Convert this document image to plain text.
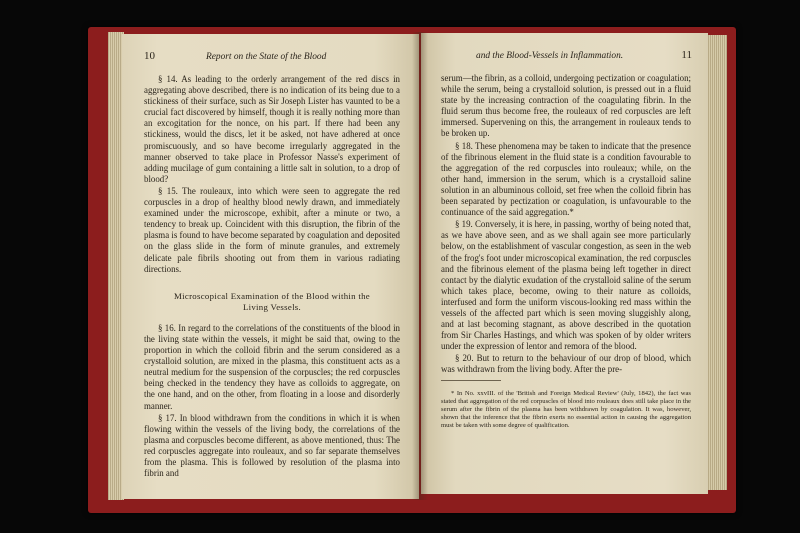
10	Report on the State of the Blood

§ 14. As leading to the orderly arrangement of the red discs in aggregating above described, there is no indication of its being due to a stickiness of their surface, such as Sir Joseph Lister has vaunted to be a crucial fact discovered by himself, though it is really nothing more than an excogitation for the nonce, on his part. If there had been any stickiness, would the discs, let it be asked, not have adhered at once promiscuously, and so have become irregularly aggregated in the manner observed to take place in Professor Nasse's experiment of adding mucilage of gum containing a little salt in solution, to a drop of blood?

§ 15. The rouleaux, into which were seen to aggregate the red corpuscles in a drop of healthy blood newly drawn, and immediately examined under the microscope, exhibit, after a minute or two, a tendency to break up. Coincident with this disruption, the fibrin of the plasma is found to have become separated by coagulation and deposited on the glass slide in the form of minute granules, and extremely delicate pale fibrils shooting out from them in various radiating directions.

Microscopical Examination of the Blood within the
Living Vessels.

§ 16. In regard to the correlations of the constituents of the blood in the living state within the vessels, it might be said that, owing to the proportion in which the colloid fibrin and the serum considered as a crystalloid solution, are mixed in the plasma, this constituent acts as a neutral medium for the suspension of the corpuscles; the red corpuscles being checked in the tendency they have as colloids to aggregate, on the one hand, and on the other, from floating in a loose and disorderly manner.

§ 17. In blood withdrawn from the conditions in which it is when flowing within the vessels of the living body, the correlations of the plasma and corpuscles become different, as above mentioned, thus: The red corpuscles aggregate into rouleaux, and so far separate themselves from the plasma. This is followed by resolution of the plasma into fibrin and

and the Blood-Vessels in Inflammation.	11

serum—the fibrin, as a colloid, undergoing pectization or coagulation; while the serum, being a crystalloid solution, is pressed out in a fluid state by the increasing contraction of the coagulating fibrin. In the fluid serum thus become free, the rouleaux of red corpuscles are left immersed. Supervening on this, the arrangement in rouleaux tends to be broken up.

§ 18. These phenomena may be taken to indicate that the presence of the fibrinous element in the fluid state is a condition favourable to the aggregation of the red corpuscles into rouleaux; while, on the other hand, immersion in the serum, which is a crystalloid saline solution in an albuminous colloid, set free when the colloid fibrin has been separated by pectization or coagulation, is unfavourable to the continuance of the said aggregation.*

§ 19. Conversely, it is here, in passing, worthy of being noted that, as we have above seen, and as we shall again see more particularly below, on the establishment of vascular congestion, as seen in the web of the frog's foot under microscopical examination, the red corpuscles and the fibrinous element of the plasma being left together in direct contact by the dialytic exudation of the crystalloid saline of the serum which takes place, become, owing to their nature as colloids, interfused and form the uniform viscous-looking red mass within the vessels of the affected part which is seen moving sluggishly along, and at last becoming stagnant, as above described in the quotation from Sir Charles Hastings, and which was spoken of by older writers under the expression of lentor and remora of the blood.

§ 20. But to return to the behaviour of our drop of blood, which was withdrawn from the living body. After the pre-

* In No. xxvIII. of the 'British and Foreign Medical Review' (July, 1842), the fact was stated that aggregation of the red corpuscles of blood into rouleaux does still take place in the serum after the fibrin of the plasma has been withdrawn by coagulation. It was, however, shown that the inference that the fibrin exerts no essential action in causing the aggregation must be taken with some degree of qualification.
